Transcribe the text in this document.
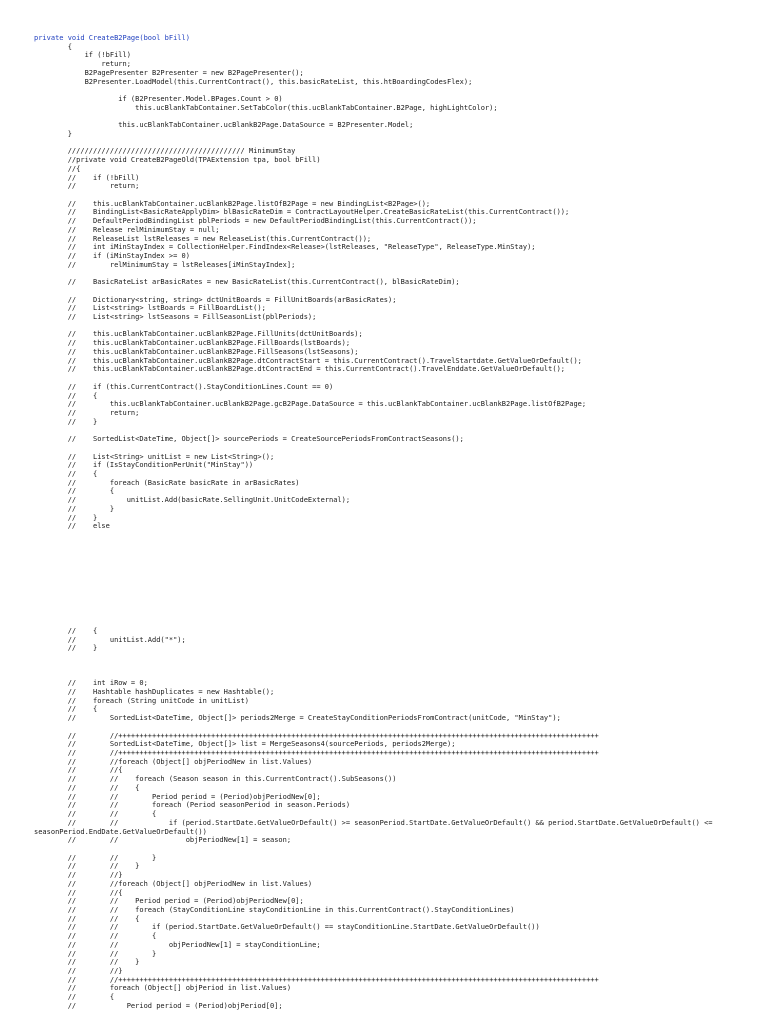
private void CreateB2Page(bool bFill)
{
if (!bFill)
return;
B2PagePresenter B2Presenter = new B2PagePresenter();
B2Presenter.LoadModel(this.CurrentContract(), this.basicRateList, this.htBoardingCodesFlex);
if (B2Presenter.Model.BPages.Count > 0)
this.ucBlankTabContainer.SetTabColor(this.ucBlankTabContainer.B2Page, highLightColor);
this.ucBlankTabContainer.ucBlankB2Page.DataSource = B2Presenter.Model;
}
////////////////////////////////////////// MinimumStay
//private void CreateB2PageOld(TPAExtension tpa, bool bFill)
//{
//    if (!bFill)
//        return;
//    this.ucBlankTabContainer.ucBlankB2Page.listOfB2Page = new BindingList<B2Page>();
//    BindingList<BasicRateApplyDim> blBasicRateDim = ContractLayoutHelper.CreateBasicRateList(this.CurrentContract());
//    DefaultPeriodBindingList pblPeriods = new DefaultPeriodBindingList(this.CurrentContract());
//    Release relMinimumStay = null;
//    ReleaseList lstReleases = new ReleaseList(this.CurrentContract());
//    int iMinStayIndex = CollectionHelper.FindIndex<Release>(lstReleases, "ReleaseType", ReleaseType.MinStay);
//    if (iMinStayIndex >= 0)
//        relMinimumStay = lstReleases[iMinStayIndex];
//    BasicRateList arBasicRates = new BasicRateList(this.CurrentContract(), blBasicRateDim);
//    Dictionary<string, string> dctUnitBoards = FillUnitBoards(arBasicRates);
//    List<string> lstBoards = FillBoardList();
//    List<string> lstSeasons = FillSeasonList(pblPeriods);
//    this.ucBlankTabContainer.ucBlankB2Page.FillUnits(dctUnitBoards);
//    this.ucBlankTabContainer.ucBlankB2Page.FillBoards(lstBoards);
//    this.ucBlankTabContainer.ucBlankB2Page.FillSeasons(lstSeasons);
//    this.ucBlankTabContainer.ucBlankB2Page.dtContractStart = this.CurrentContract().TravelStartdate.GetValueOrDefault();
//    this.ucBlankTabContainer.ucBlankB2Page.dtContractEnd = this.CurrentContract().TravelEnddate.GetValueOrDefault();
//    if (this.CurrentContract().StayConditionLines.Count == 0)
//    {
//        this.ucBlankTabContainer.ucBlankB2Page.gcB2Page.DataSource = this.ucBlankTabContainer.ucBlankB2Page.listOfB2Page;
//        return;
//    }
//    SortedList<DateTime, Object[]> sourcePeriods = CreateSourcePeriodsFromContractSeasons();
//    List<String> unitList = new List<String>();
//    if (IsStayConditionPerUnit("MinStay"))
//    {
//        foreach (BasicRate basicRate in arBasicRates)
//        {
//            unitList.Add(basicRate.SellingUnit.UnitCodeExternal);
//        }
//    }
//    else
//    {
//        unitList.Add("*");
//    }
//    int iRow = 0;
//    Hashtable hashDuplicates = new Hashtable();
//    foreach (String unitCode in unitList)
//    {
//        SortedList<DateTime, Object[]> periods2Merge = CreateStayConditionPeriodsFromContract(unitCode, "MinStay");
//        //++++++++++++++++++++++++++++++++++++++++++++++++++++++++++++++++++++++++++++++++++++++++++++++++++++++++++++++++++
//        SortedList<DateTime, Object[]> list = MergeSeasons4(sourcePeriods, periods2Merge);
//        //++++++++++++++++++++++++++++++++++++++++++++++++++++++++++++++++++++++++++++++++++++++++++++++++++++++++++++++++++
//        //foreach (Object[] objPeriodNew in list.Values)
//        //{
//        //    foreach (Season season in this.CurrentContract().SubSeasons())
//        //    {
//        //        Period period = (Period)objPeriodNew[0];
//        //        foreach (Period seasonPeriod in season.Periods)
//        //        {
//        //            if (period.StartDate.GetValueOrDefault() >= seasonPeriod.StartDate.GetValueOrDefault() && period.StartDate.GetValueOrDefault() <=
seasonPeriod.EndDate.GetValueOrDefault())
//        //                objPeriodNew[1] = season;
//        //        }
//        //    }
//        //}
//        //foreach (Object[] objPeriodNew in list.Values)
//        //{
//        //    Period period = (Period)objPeriodNew[0];
//        //    foreach (StayConditionLine stayConditionLine in this.CurrentContract().StayConditionLines)
//        //    {
//        //        if (period.StartDate.GetValueOrDefault() == stayConditionLine.StartDate.GetValueOrDefault())
//        //        {
//        //            objPeriodNew[1] = stayConditionLine;
//        //        }
//        //    }
//        //}
//        //++++++++++++++++++++++++++++++++++++++++++++++++++++++++++++++++++++++++++++++++++++++++++++++++++++++++++++++++++
//        foreach (Object[] objPeriod in list.Values)
//        {
//            Period period = (Period)objPeriod[0];
